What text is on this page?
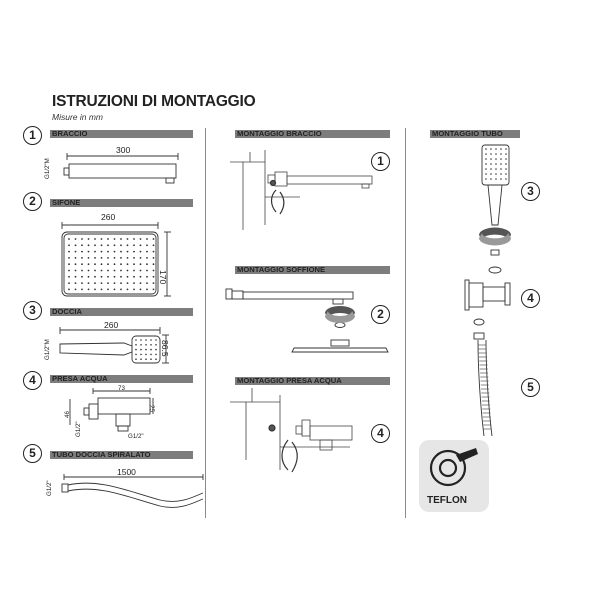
ISTRUZIONI DI MONTAGGIO
Misure in mm
1	BRACCIO
300
G1/2"M
2	SIFONE
260
170
3	DOCCIA
260
G1/2"M	86.5
4	PRESA ACQUA
73
25
46
G1/2"	G1/2"
5	TUBO DOCCIA SPIRALATO
1500
G1/2"
MONTAGGIO BRACCIO
1
MONTAGGIO SOFFIONE
2
MONTAGGIO PRESA ACQUA
4
MONTAGGIO TUBO
3
4
5
TEFLON
